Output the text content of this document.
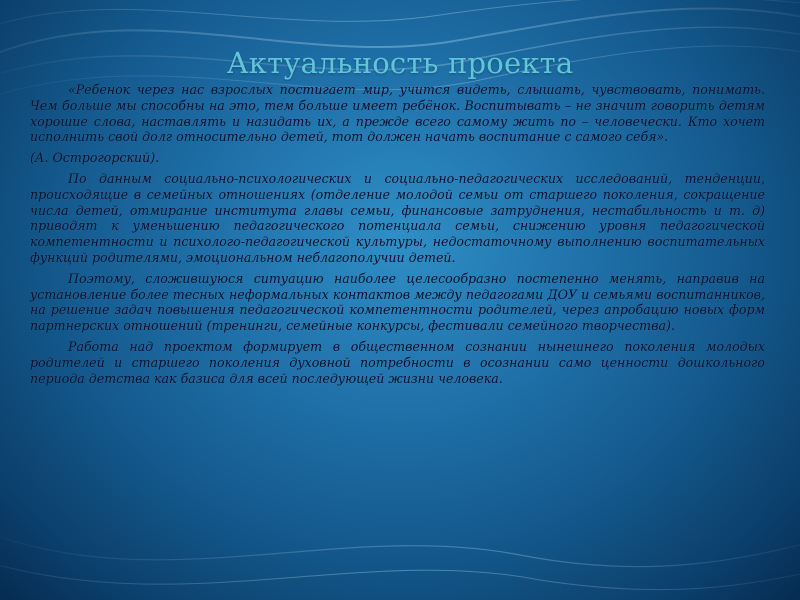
Актуальность проекта

«Ребенок через нас взрослых постигает мир, учится видеть, слышать, чувствовать, понимать. Чем больше мы способны на это, тем больше имеет ребёнок. Воспитывать – не значит говорить детям хорошие слова, наставлять и назидать их, а прежде всего самому жить по – человечески. Кто хочет исполнить свой долг относительно детей, тот должен начать воспитание с самого себя».

(А. Острогорский).

По данным социально-психологических и социально-педагогических исследований, тенденции, происходящие в семейных отношениях (отделение молодой семьи от старшего поколения, сокращение числа детей, отмирание института главы семьи, финансовые затруднения, нестабильность и т. д) приводят к уменьшению педагогического потенциала семьи, снижению уровня педагогической компетентности и психолого-педагогической культуры, недостаточному выполнению воспитательных функций родителями, эмоциональном неблагополучии детей.

Поэтому, сложившуюся ситуацию наиболее целесообразно постепенно менять, направив на установление более тесных неформальных контактов между педагогами ДОУ и семьями воспитанников, на решение задач повышения педагогической компетентности родителей, через апробацию новых форм партнерских отношений (тренинги, семейные конкурсы, фестивали семейного творчества).

Работа над проектом формирует в общественном сознании нынешнего поколения молодых родителей и старшего поколения духовной потребности в осознании само ценности дошкольного периода детства как базиса для всей последующей жизни человека.
